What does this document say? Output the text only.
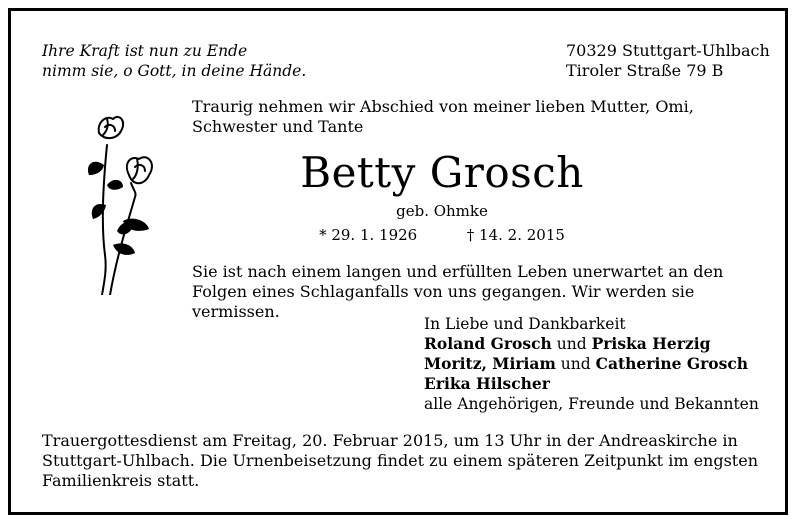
Ihre Kraft ist nun zu Ende
nimm sie, o Gott, in deine Hände.
70329 Stuttgart-Uhlbach
Tiroler Straße 79 B
Traurig nehmen wir Abschied von meiner lieben Mutter, Omi, Schwester und Tante
Betty Grosch
geb. Ohmke
* 29. 1. 1926	† 14. 2. 2015
Sie ist nach einem langen und erfüllten Leben unerwartet an den Folgen eines Schlaganfalls von uns gegangen. Wir werden sie vermissen.
In Liebe und Dankbarkeit
Roland Grosch und Priska Herzig
Moritz, Miriam und Catherine Grosch
Erika Hilscher
alle Angehörigen, Freunde und Bekannten
Trauergottesdienst am Freitag, 20. Februar 2015, um 13 Uhr in der Andreaskirche in Stuttgart-Uhlbach. Die Urnenbeisetzung findet zu einem späteren Zeitpunkt im engsten Familienkreis statt.
